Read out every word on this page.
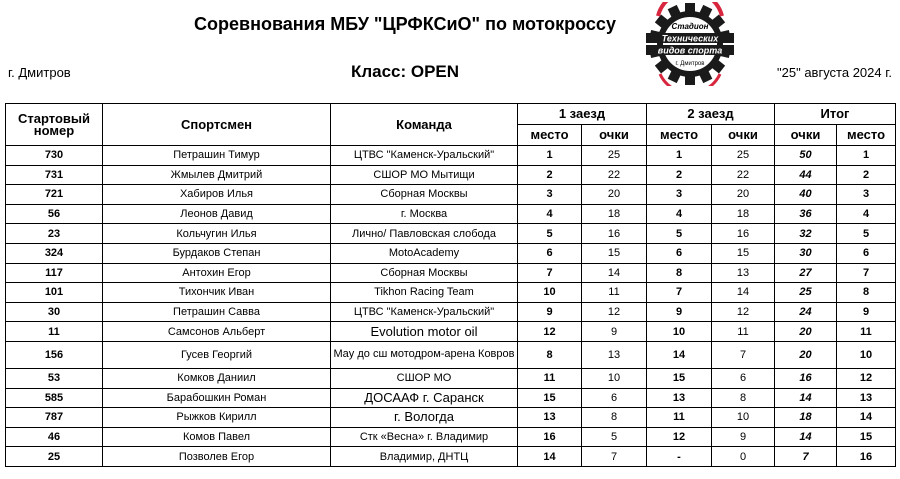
Соревнования МБУ "ЦРФКСиО" по мотокроссу
г. Дмитров	Класс: OPEN	"25" августа 2024 г.
Стадион
Технических
видов спорта
г. Дмитров
Стартовый
номер	Спортсмен	Команда	1 заезд		2 заезд		Итог	
			место	очки	место	очки	очки	место
730	Петрашин Тимур	ЦТВС "Каменск-Уральский"	1	25	1	25	50	1
731	Жмылев Дмитрий	СШОР МО Мытищи	2	22	2	22	44	2
721	Хабиров Илья	Сборная Москвы	3	20	3	20	40	3
56	Леонов Давид	г. Москва	4	18	4	18	36	4
23	Кольчугин Илья	Лично/ Павловская слобода	5	16	5	16	32	5
324	Бурдаков Степан	MotoAcademy	6	15	6	15	30	6
117	Антохин Егор	Сборная Москвы	7	14	8	13	27	7
101	Тихончик Иван	Tikhon Racing Team	10	11	7	14	25	8
30	Петрашин Савва	ЦТВС "Каменск-Уральский"	9	12	9	12	24	9
11	Самсонов Альберт	Evolution motor oil	12	9	10	11	20	11
156	Гусев Георгий	May до сш мотодром-арена Ковров	8	13	14	7	20	10
53	Комков Даниил	СШОР МО	11	10	15	6	16	12
585	Барабошкин Роман	ДОСААФ г. Саранск	15	6	13	8	14	13
787	Рыжков Кирилл	г. Вологда	13	8	11	10	18	14
46	Комов Павел	Стк «Весна» г. Владимир	16	5	12	9	14	15
25	Позволев Егор	Владимир, ДНТЦ	14	7	-	0	7	16
